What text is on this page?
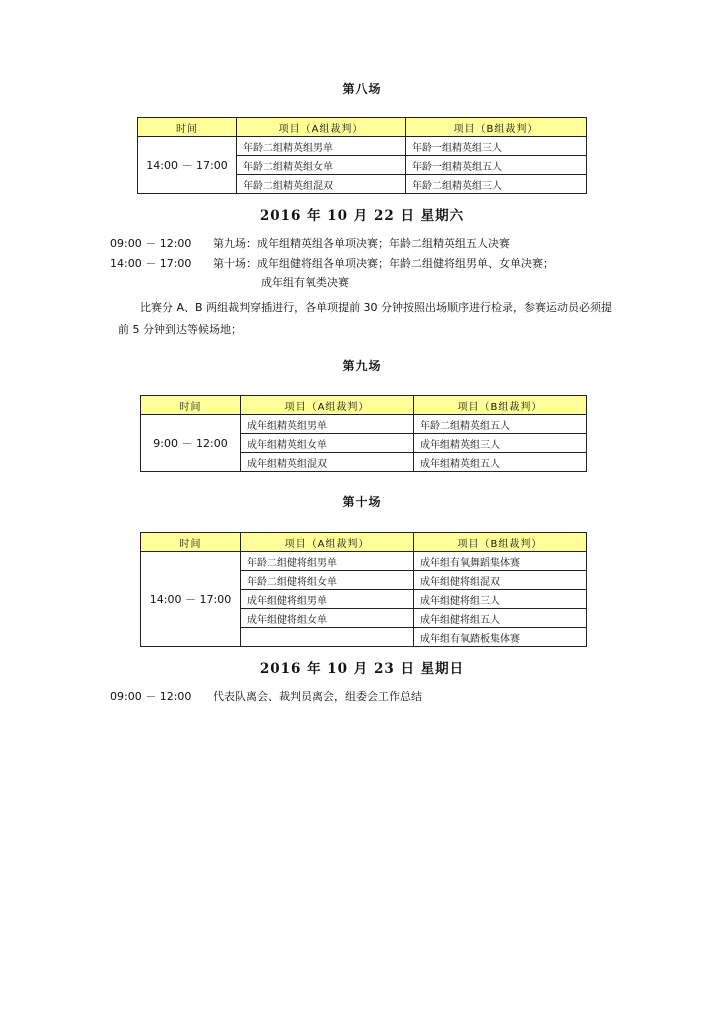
第八场
时间	项目（A组裁判）	项目（B组裁判）
14:00 － 17:00	年龄二组精英组男单	年龄一组精英组三人
	年龄二组精英组女单	年龄一组精英组五人
	年龄二组精英组混双	年龄二组精英组三人
2016 年 10 月 22 日 星期六
09:00 － 12:00 第九场：成年组精英组各单项决赛；年龄二组精英组五人决赛
14:00 － 17:00 第十场：成年组健将组各单项决赛；年龄二组健将组男单、女单决赛；
成年组有氧类决赛
比赛分 A、B 两组裁判穿插进行，各单项提前 30 分钟按照出场顺序进行检录，参赛运动员必须提前 5 分钟到达等候场地；
第九场
时间	项目（A组裁判）	项目（B组裁判）
9:00 － 12:00	成年组精英组男单	年龄二组精英组五人
	成年组精英组女单	成年组精英组三人
	成年组精英组混双	成年组精英组五人
第十场
时间	项目（A组裁判）	项目（B组裁判）
14:00 － 17:00	年龄二组健将组男单	成年组有氧舞蹈集体赛
	年龄二组健将组女单	成年组健将组混双
	成年组健将组男单	成年组健将组三人
	成年组健将组女单	成年组健将组五人
		成年组有氧踏板集体赛
2016 年 10 月 23 日 星期日
09:00 － 12:00 代表队离会、裁判员离会，组委会工作总结
